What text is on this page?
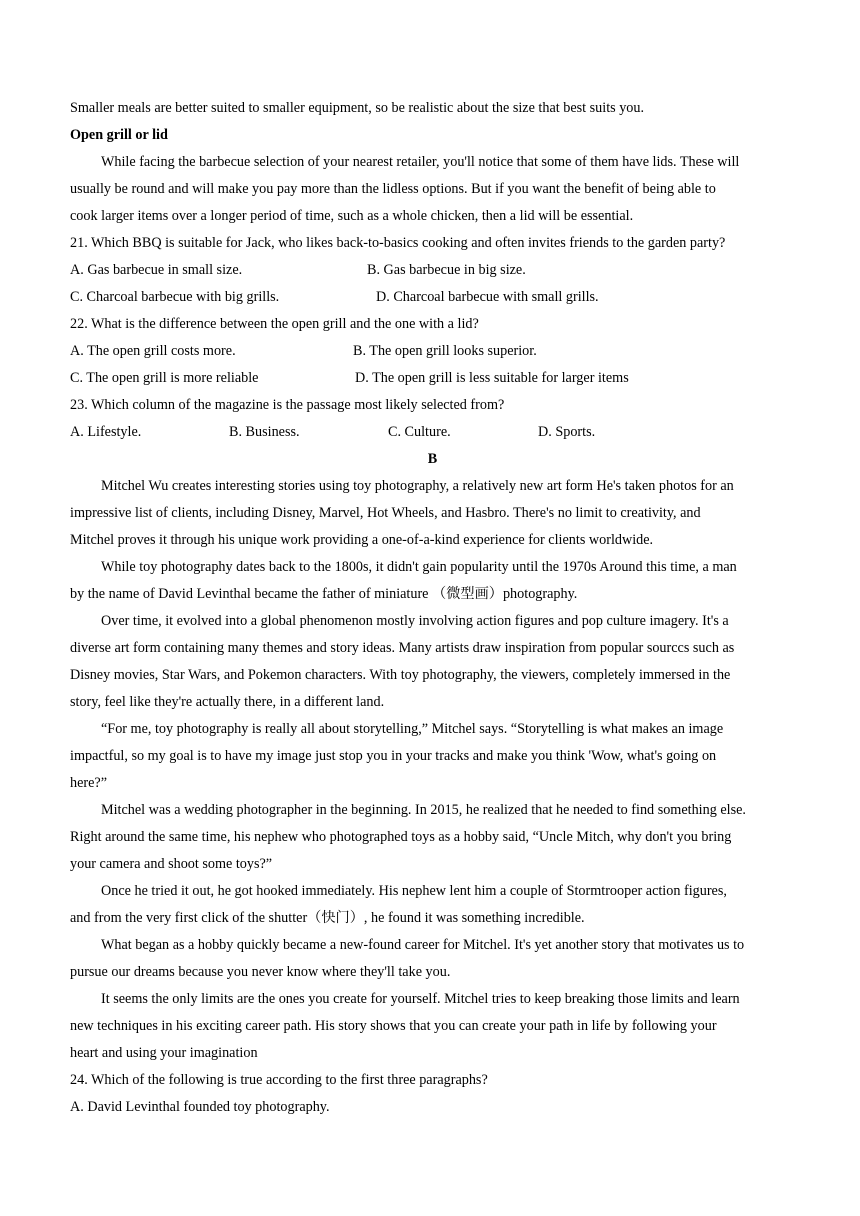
Smaller meals are better suited to smaller equipment, so be realistic about the size that best suits you.
Open grill or lid
While facing the barbecue selection of your nearest retailer, you'll notice that some of them have lids. These will
usually be round and will make you pay more than the lidless options. But if you want the benefit of being able to
cook larger items over a longer period of time, such as a whole chicken, then a lid will be essential.
21. Which BBQ is suitable for Jack, who likes back-to-basics cooking and often invites friends to the garden party?
A. Gas barbecue in small size.	B. Gas barbecue in big size.
C. Charcoal barbecue with big grills.	D. Charcoal barbecue with small grills.
22. What is the difference between the open grill and the one with a lid?
A. The open grill costs more.	B. The open grill looks superior.
C. The open grill is more reliable	D. The open grill is less suitable for larger items
23. Which column of the magazine is the passage most likely selected from?
A. Lifestyle.	B. Business.	C. Culture.	D. Sports.
B
Mitchel Wu creates interesting stories using toy photography, a relatively new art form He's taken photos for an
impressive list of clients, including Disney, Marvel, Hot Wheels, and Hasbro. There's no limit to creativity, and
Mitchel proves it through his unique work providing a one-of-a-kind experience for clients worldwide.
While toy photography dates back to the 1800s, it didn't gain popularity until the 1970s Around this time, a man
by the name of David Levinthal became the father of miniature （微型画）photography.
Over time, it evolved into a global phenomenon mostly involving action figures and pop culture imagery. It's a
diverse art form containing many themes and story ideas. Many artists draw inspiration from popular sourccs such as
Disney movies, Star Wars, and Pokemon characters. With toy photography, the viewers, completely immersed in the
story, feel like they're actually there, in a different land.
“For me, toy photography is really all about storytelling,” Mitchel says. “Storytelling is what makes an image
impactful, so my goal is to have my image just stop you in your tracks and make you think 'Wow, what's going on
here?”
Mitchel was a wedding photographer in the beginning. In 2015, he realized that he needed to find something else.
Right around the same time, his nephew who photographed toys as a hobby said, “Uncle Mitch, why don't you bring
your camera and shoot some toys?”
Once he tried it out, he got hooked immediately. His nephew lent him a couple of Stormtrooper action figures,
and from the very first click of the shutter（快门）, he found it was something incredible.
What began as a hobby quickly became a new-found career for Mitchel. It's yet another story that motivates us to
pursue our dreams because you never know where they'll take you.
It seems the only limits are the ones you create for yourself. Mitchel tries to keep breaking those limits and learn
new techniques in his exciting career path. His story shows that you can create your path in life by following your
heart and using your imagination
24. Which of the following is true according to the first three paragraphs?
A. David Levinthal founded toy photography.
